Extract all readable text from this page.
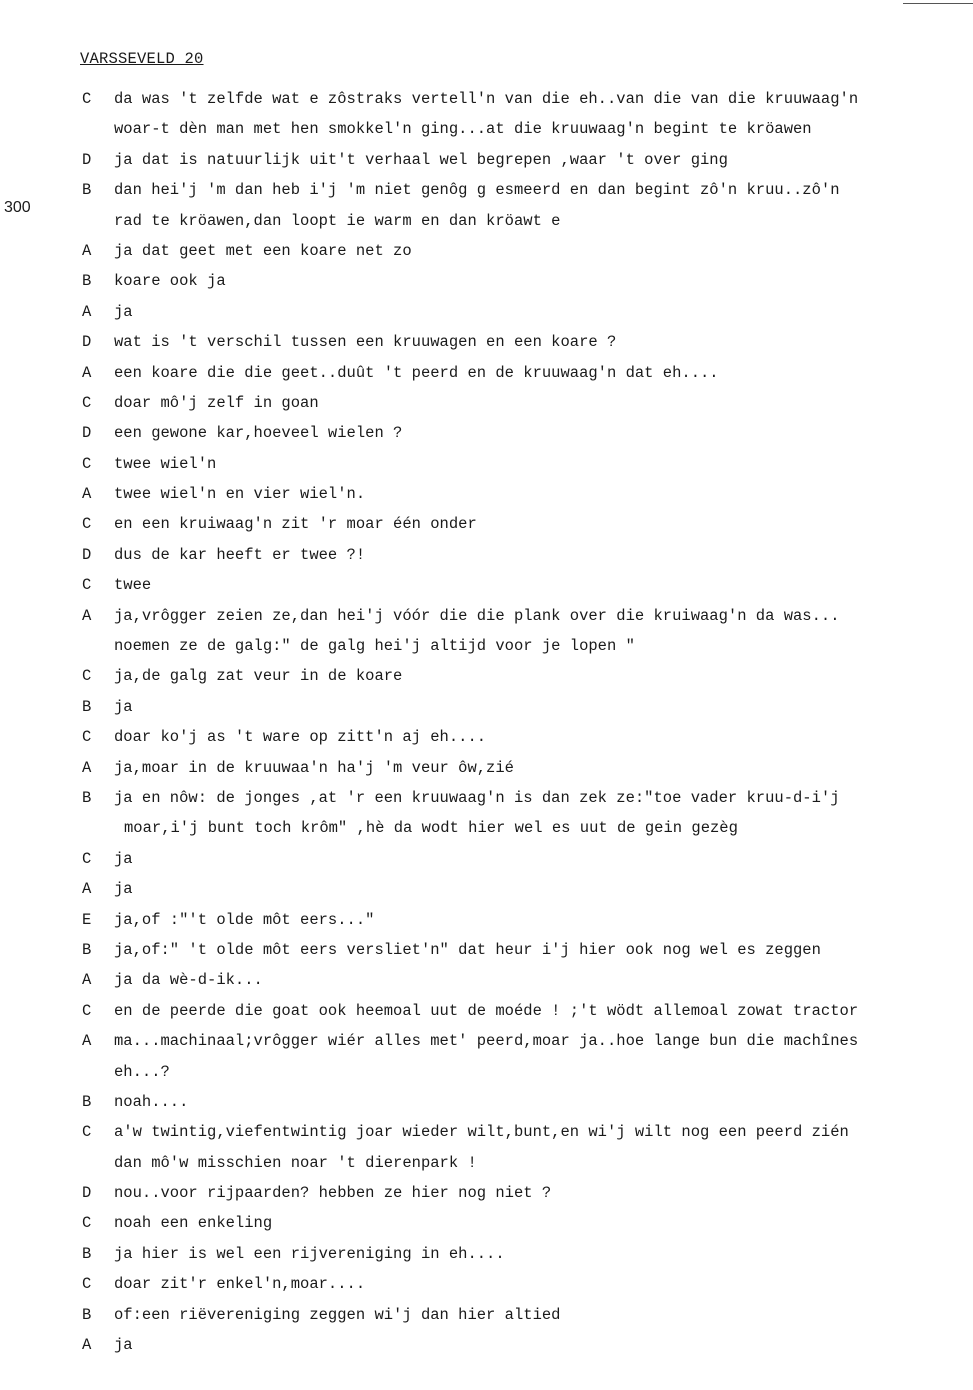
VARSSEVELD 20
300
C da was 't zelfde wat e zôstraks vertell'n van die eh..van die van die kruuwaag'n
woar-t dèn man met hen smokkel'n ging...at die kruuwaag'n begint te kröawen
D ja dat is natuurlijk uit't verhaal wel begrepen ,waar 't over ging
B dan hei'j 'm dan heb i'j 'm niet genôg g esmeerd en dan begint zô'n kruu..zô'n
rad te kröawen,dan loopt ie warm en dan kröawt e
A ja dat geet met een koare net zo
B koare ook ja
A ja
D wat is 't verschil tussen een kruuwagen en een koare ?
A een koare die die geet..duût 't peerd en de kruuwaag'n dat eh....
C doar mô'j zelf in goan
D een gewone kar,hoeveel wielen ?
C twee wiel'n
A twee wiel'n en vier wiel'n.
C en een kruiwaag'n zit 'r moar één onder
D dus de kar heeft er twee ?!
C twee
A ja,vrôgger zeien ze,dan hei'j vóór die die plank over die kruiwaag'n da was...
noemen ze de galg:" de galg hei'j altijd voor je lopen "
C ja,de galg zat veur in de koare
B ja
C doar ko'j as 't ware op zitt'n aj eh....
A ja,moar in de kruuwaa'n ha'j 'm veur ôw,zié
B ja en nôw: de jonges ,at 'r een kruuwaag'n is dan zek ze:"toe vader kruu-d-i'j
moar,i'j bunt toch krôm" ,hè da wodt hier wel es uut de gein gezèg
C ja
A ja
E ja,of :"'t olde môt eers..."
B ja,of:" 't olde môt eers versliet'n" dat heur i'j hier ook nog wel es zeggen
A ja da wè-d-ik...
C en de peerde die goat ook heemoal uut de moéde ! ;'t wödt allemoal zowat tractor
A ma...machinaal;vrôgger wiér alles met' peerd,moar ja..hoe lange bun die machînes
eh...?
B noah....
C a'w twintig,viefentwintig joar wieder wilt,bunt,en wi'j wilt nog een peerd zién
dan mô'w misschien noar 't dierenpark !
D nou..voor rijpaarden? hebben ze hier nog niet ?
C noah een enkeling
B ja hier is wel een rijvereniging in eh....
C doar zit'r enkel'n,moar....
B of:een riëvereniging zeggen wi'j dan hier altied
A ja
